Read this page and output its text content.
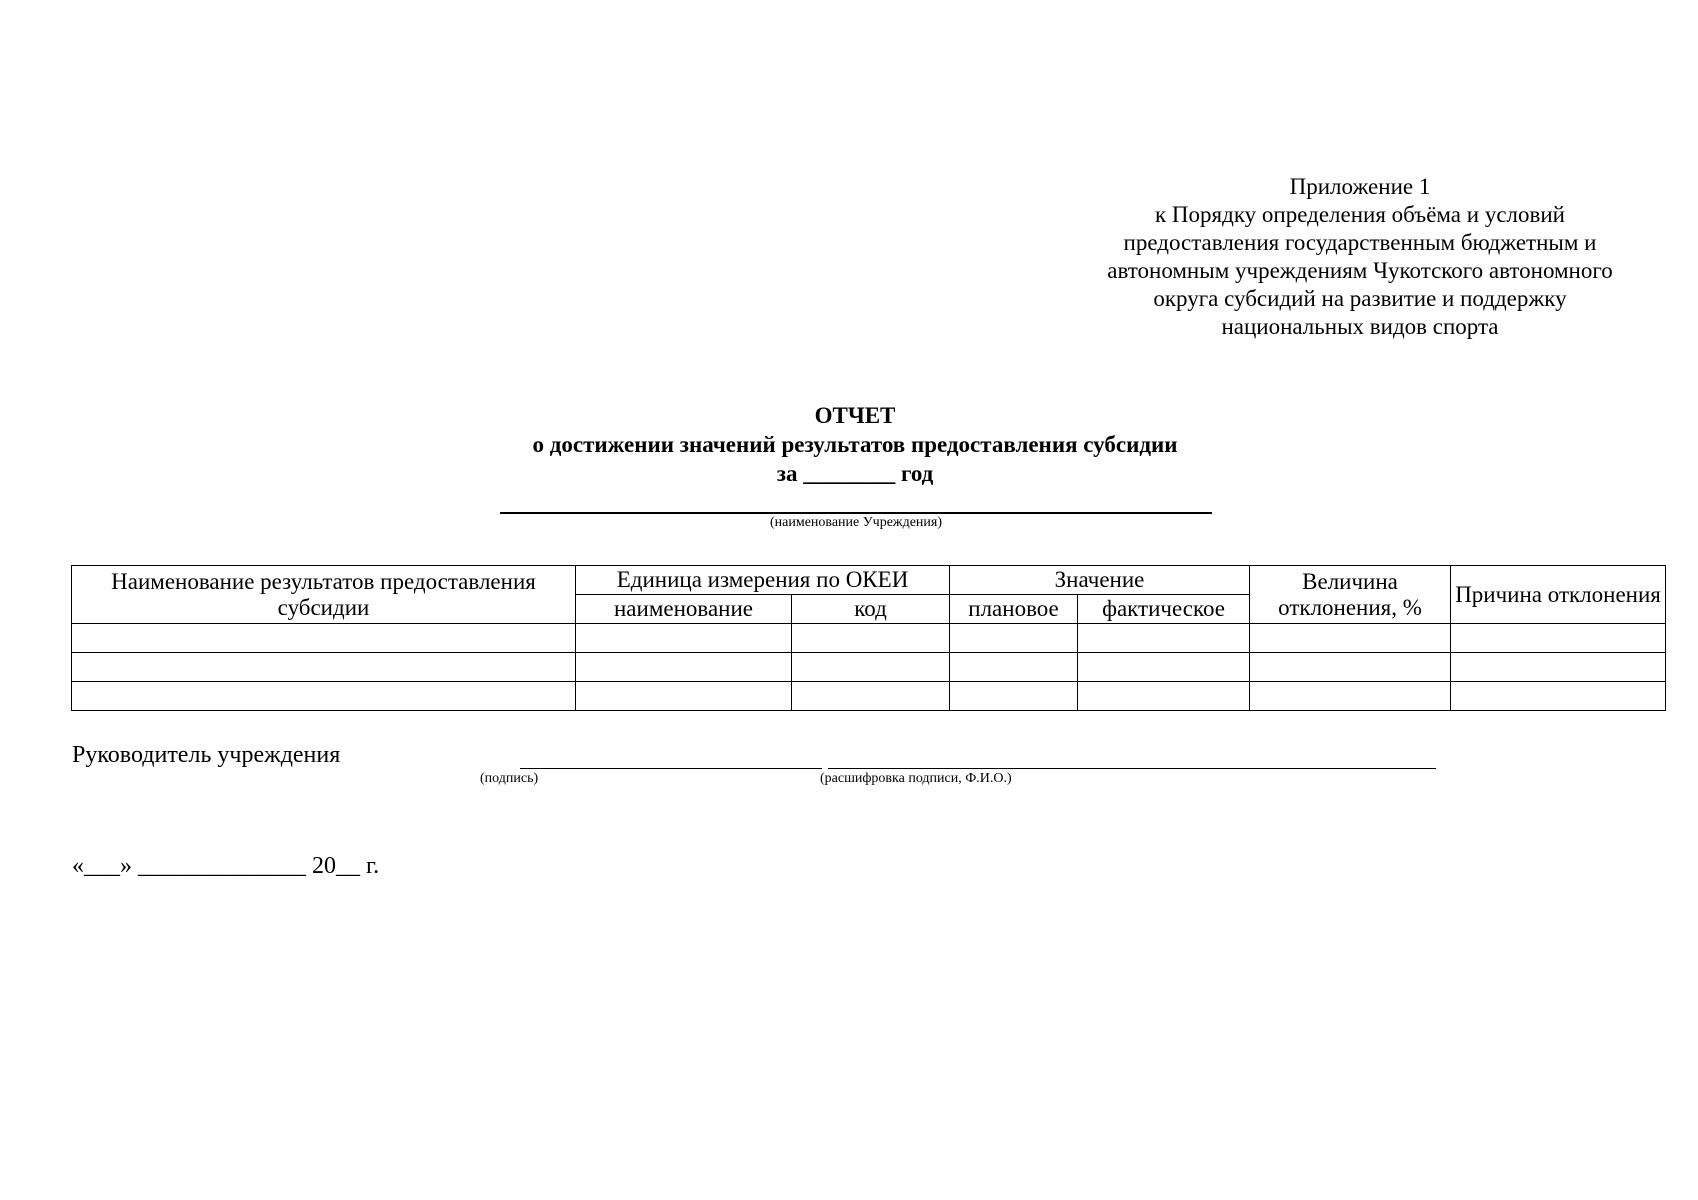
Приложение 1
к Порядку определения объёма и условий
предоставления государственным бюджетным и
автономным учреждениям Чукотского автономного
округа субсидий на развитие и поддержку
национальных видов спорта
ОТЧЕТ
о достижении значений результатов предоставления субсидии
за ________ год
(наименование Учреждения)
Наименование результатов предоставления субсидии	Единица измерения по ОКЕИ		Значение		Величина отклонения, %	Причина отклонения
	наименование	код	плановое	фактическое		

Руководитель учреждения
(подпись)	(расшифровка подписи, Ф.И.О.)
«___» ______________ 20__ г.
